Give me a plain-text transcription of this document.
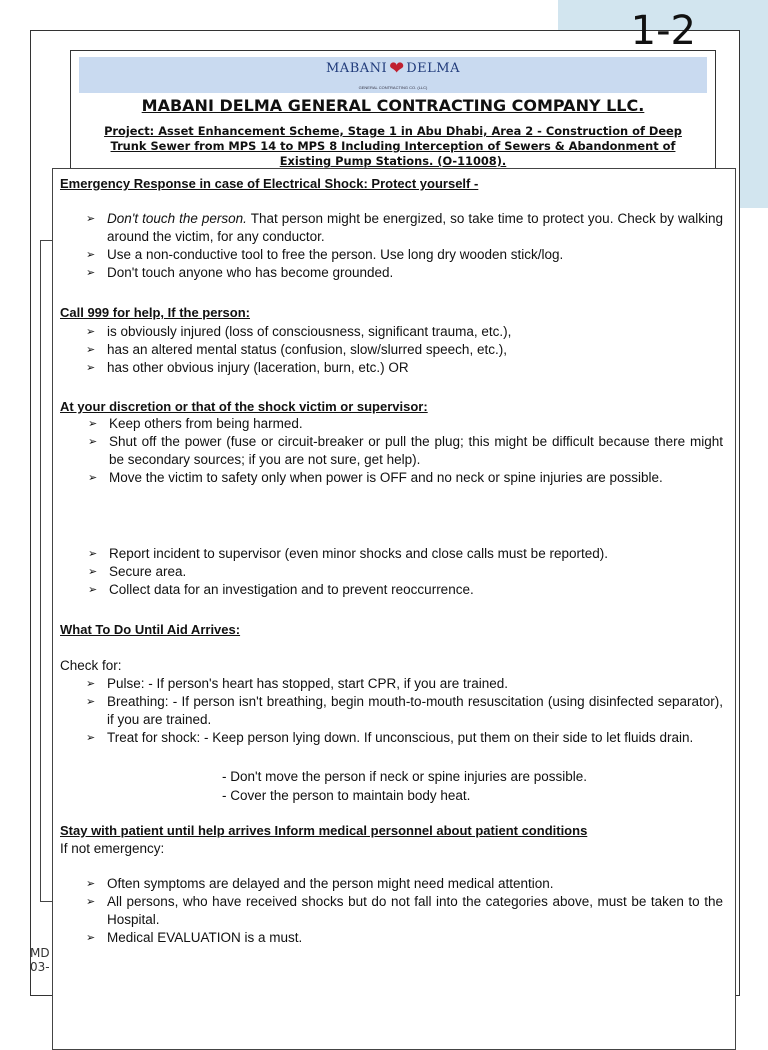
MABANI ❤ DELMA
GENERAL CONTRACTING CO. (LLC)
MABANI DELMA GENERAL CONTRACTING COMPANY LLC.
Project: Asset Enhancement Scheme, Stage 1 in Abu Dhabi, Area 2 - Construction of Deep Trunk Sewer from MPS 14 to MPS 8 Including Interception of Sewers & Abandonment of Existing Pump Stations. (O-11008).
MD
03-
1-2
Emergency Response in case of Electrical Shock: Protect yourself -
➢ Don't touch the person. That person might be energized, so take time to protect you. Check by walking around the victim, for any conductor.
➢ Use a non-conductive tool to free the person. Use long dry wooden stick/log.
➢ Don't touch anyone who has become grounded.
Call 999 for help, If the person:
➢ is obviously injured (loss of consciousness, significant trauma, etc.),
➢ has an altered mental status (confusion, slow/slurred speech, etc.),
➢ has other obvious injury (laceration, burn, etc.) OR
At your discretion or that of the shock victim or supervisor:
➢ Keep others from being harmed.
➢ Shut off the power (fuse or circuit-breaker or pull the plug; this might be difficult because there might be secondary sources; if you are not sure, get help).
➢ Move the victim to safety only when power is OFF and no neck or spine injuries are possible.
➢ Report incident to supervisor (even minor shocks and close calls must be reported).
➢ Secure area.
➢ Collect data for an investigation and to prevent reoccurrence.
What To Do Until Aid Arrives:
Check for:
➢ Pulse: - If person's heart has stopped, start CPR, if you are trained.
➢ Breathing: - If person isn't breathing, begin mouth-to-mouth resuscitation (using disinfected separator), if you are trained.
➢ Treat for shock: - Keep person lying down. If unconscious, put them on their side to let fluids drain.
- Don't move the person if neck or spine injuries are possible.
- Cover the person to maintain body heat.
Stay with patient until help arrives Inform medical personnel about patient conditions
If not emergency:
➢ Often symptoms are delayed and the person might need medical attention.
➢ All persons, who have received shocks but do not fall into the categories above, must be taken to the Hospital.
➢ Medical EVALUATION is a must.
